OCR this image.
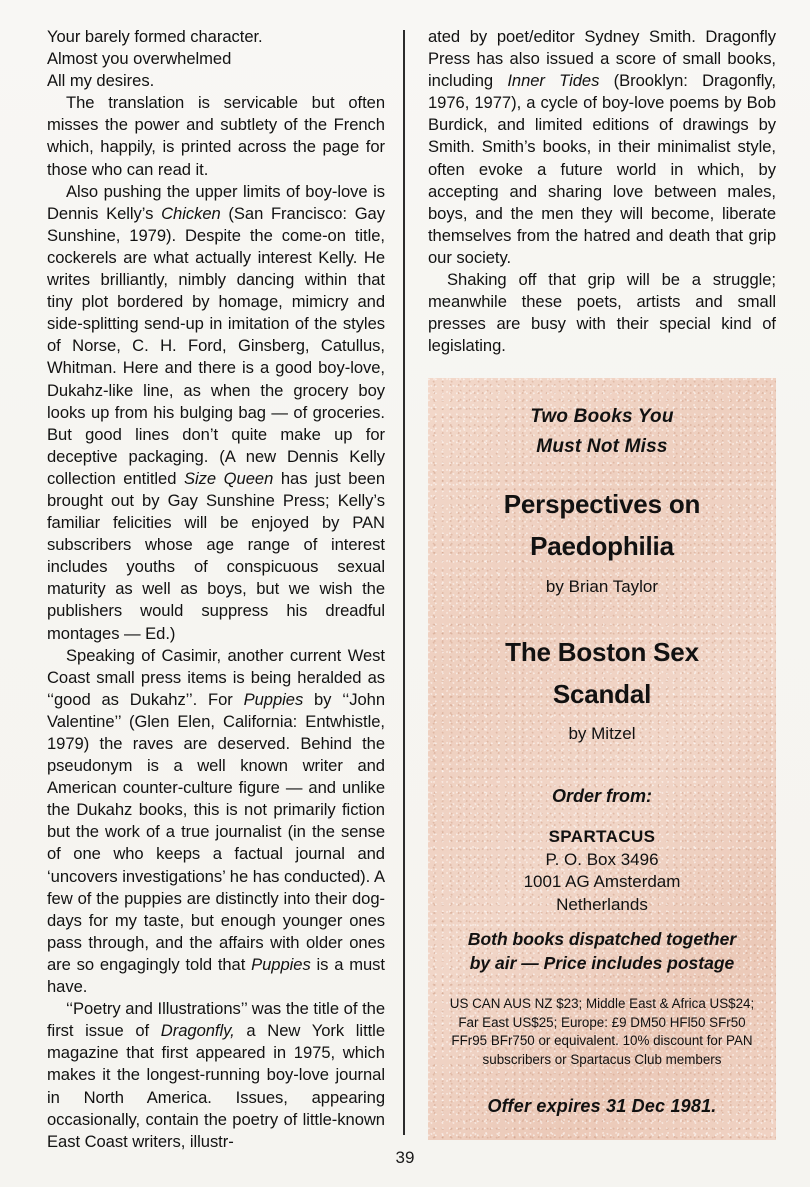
Your barely formed character.

Almost you overwhelmed

All my desires.

The translation is servicable but often misses the power and subtlety of the French which, happily, is printed across the page for those who can read it.

Also pushing the upper limits of boy-love is Dennis Kelly’s Chicken (San Francisco: Gay Sunshine, 1979). Despite the come-on title, cockerels are what actually interest Kelly. He writes brilliantly, nimbly dancing within that tiny plot bordered by homage, mimicry and side-splitting send-up in imitation of the styles of Norse, C. H. Ford, Ginsberg, Catullus, Whitman. Here and there is a good boy-love, Dukahz-like line, as when the grocery boy looks up from his bulging bag — of groceries. But good lines don’t quite make up for deceptive packaging. (A new Dennis Kelly collection entitled Size Queen has just been brought out by Gay Sunshine Press; Kelly’s familiar felicities will be enjoyed by PAN subscribers whose age range of interest includes youths of conspicuous sexual maturity as well as boys, but we wish the publishers would suppress his dreadful montages — Ed.)

Speaking of Casimir, another current West Coast small press items is being heralded as ‘‘good as Dukahz’’. For Puppies by ‘‘John Valentine’’ (Glen Elen, California: Entwhistle, 1979) the raves are deserved. Behind the pseudonym is a well known writer and American counter-culture figure — and unlike the Dukahz books, this is not primarily fiction but the work of a true journalist (in the sense of one who keeps a factual journal and ‘uncovers investigations’ he has conducted). A few of the puppies are distinctly into their dog-days for my taste, but enough younger ones pass through, and the affairs with older ones are so engagingly told that Puppies is a must have.

‘‘Poetry and Illustrations’’ was the title of the first issue of Dragonfly, a New York little magazine that first appeared in 1975, which makes it the longest-running boy-love journal in North America. Issues, appearing occasionally, contain the poetry of little-known East Coast writers, illustr-

ated by poet/editor Sydney Smith. Dragonfly Press has also issued a score of small books, including Inner Tides (Brooklyn: Dragonfly, 1976, 1977), a cycle of boy-love poems by Bob Burdick, and limited editions of drawings by Smith. Smith’s books, in their minimalist style, often evoke a future world in which, by accepting and sharing love between males, boys, and the men they will become, liberate themselves from the hatred and death that grip our society.

Shaking off that grip will be a struggle; meanwhile these poets, artists and small presses are busy with their special kind of legislating.

Two Books You
Must Not Miss
Perspectives on
Paedophilia
by Brian Taylor
The Boston Sex
Scandal
by Mitzel
Order from:
SPARTACUS
P. O. Box 3496
1001 AG Amsterdam
Netherlands
Both books dispatched together
by air — Price includes postage
US CAN AUS NZ $23; Middle East & Africa US$24; Far East US$25; Europe: £9 DM50 HFl50 SFr50 FFr95 BFr750 or equivalent. 10% discount for PAN subscribers or Spartacus Club members
Offer expires 31 Dec 1981.
39
